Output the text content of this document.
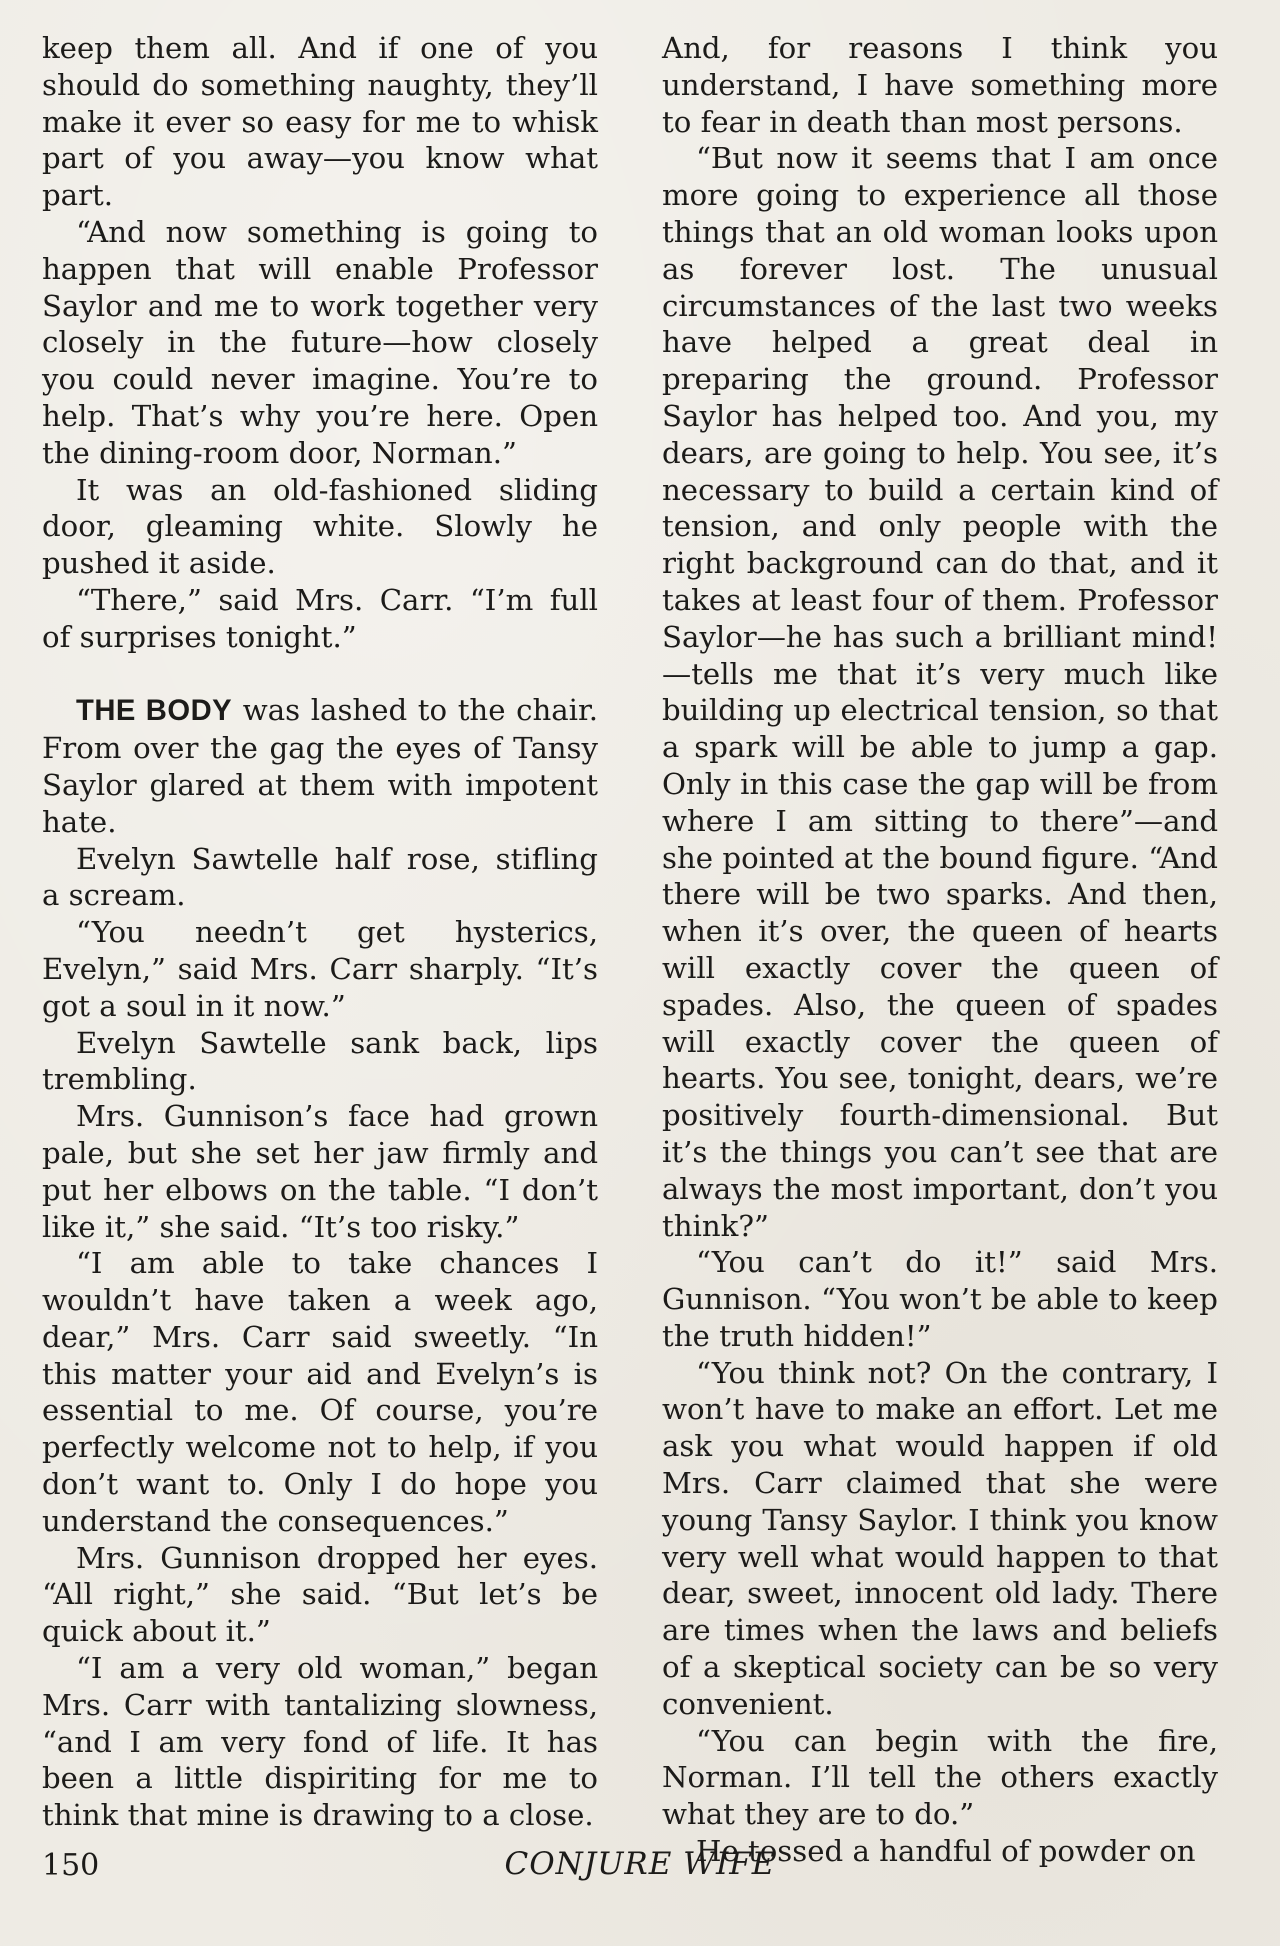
keep them all. And if one of you should do something naughty, they’ll make it ever so easy for me to whisk part of you away—you know what part.

“And now something is going to happen that will enable Professor Saylor and me to work together very closely in the future—how closely you could never imagine. You’re to help. That’s why you’re here. Open the dining-room door, Norman.”

It was an old-fashioned sliding door, gleaming white. Slowly he pushed it aside.

“There,” said Mrs. Carr. “I’m full of surprises tonight.”

THE BODY was lashed to the chair. From over the gag the eyes of Tansy Saylor glared at them with impotent hate.

Evelyn Sawtelle half rose, stifling a scream.

“You needn’t get hysterics, Evelyn,” said Mrs. Carr sharply. “It’s got a soul in it now.”

Evelyn Sawtelle sank back, lips trembling.

Mrs. Gunnison’s face had grown pale, but she set her jaw firmly and put her elbows on the table. “I don’t like it,” she said. “It’s too risky.”

“I am able to take chances I wouldn’t have taken a week ago, dear,” Mrs. Carr said sweetly. “In this matter your aid and Evelyn’s is essential to me. Of course, you’re perfectly welcome not to help, if you don’t want to. Only I do hope you understand the consequences.”

Mrs. Gunnison dropped her eyes. “All right,” she said. “But let’s be quick about it.”

“I am a very old woman,” began Mrs. Carr with tantalizing slowness, “and I am very fond of life. It has been a little dispiriting for me to think that mine is drawing to a close.

And, for reasons I think you understand, I have something more to fear in death than most persons.

“But now it seems that I am once more going to experience all those things that an old woman looks upon as forever lost. The unusual circumstances of the last two weeks have helped a great deal in preparing the ground. Professor Saylor has helped too. And you, my dears, are going to help. You see, it’s necessary to build a certain kind of tension, and only people with the right background can do that, and it takes at least four of them. Professor Saylor—he has such a brilliant mind!—tells me that it’s very much like building up electrical tension, so that a spark will be able to jump a gap. Only in this case the gap will be from where I am sitting to there”—and she pointed at the bound figure. “And there will be two sparks. And then, when it’s over, the queen of hearts will exactly cover the queen of spades. Also, the queen of spades will exactly cover the queen of hearts. You see, tonight, dears, we’re positively fourth-dimensional. But it’s the things you can’t see that are always the most important, don’t you think?”

“You can’t do it!” said Mrs. Gunnison. “You won’t be able to keep the truth hidden!”

“You think not? On the contrary, I won’t have to make an effort. Let me ask you what would happen if old Mrs. Carr claimed that she were young Tansy Saylor. I think you know very well what would happen to that dear, sweet, innocent old lady. There are times when the laws and beliefs of a skeptical society can be so very convenient.

“You can begin with the fire, Norman. I’ll tell the others exactly what they are to do.”

He tossed a handful of powder on

150	CONJURE WIFE
